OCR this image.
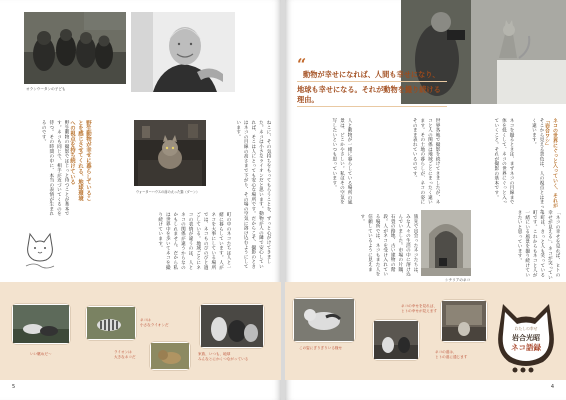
オランウータンの子ども
ねこに、その気持ちをもってもらうことを、ずっと心がけてきました。ネコは小さなライオンだと思います。動物が人の隣で安心していれば、そこは人にとっても安心な場所です。だからこそ、撮影のときはネコの目線の高さまで下がり、その場の空気に溶け込むようにしています。
野生動物の撮影ではじっと待つことが基本です。ネコも同じで、相手が近づいてくるのを待つ。その時間の中に、本当の表情が生まれるのです。
町の中のネコたちは人と一緒に暮らしています。人がネコを大事にしている場所では、ネコものびのびと過ごしている。地域ごとにネコの表情が違うのは、人とネコの関係が違うからなのかもしれません。だから私は世界中を歩いてネコを撮り続けています。
野生動物が幸せに暮らしていることを感じさせてくれる、地球環境への視点を持ち続けている
ウォーターハウスの前の太った猫（ダーン）
いい眺めだ〜
ネコは
小さなライオンだ
ライオンは
大きなネコだ
家族、いつも、地球
みんなとにかくつながっている
5
“
動物が幸せになれば、人間も幸せになり、
地球も幸せになる。それが動物を撮り続ける理由。
人と動物が一緒に暮らしている場所の風景は、どこかやさしい。私はその空気を写したいといつも思っています。	世界各地で撮影を続けてきましたが、ネコと人の関係は地域ごとにまったく違います。その土地の暮らしが、ネコの姿にそのまま表れているのです。	ネコを撮るときは、まずネコの目線まで体を低くして、ネコの世界にぐっと入っていくこと。それが撮影の基本です。	ネコの世界にぐっと入っていく、それが「岩合ワシ」
そこから見える景色は、人の視点とはまったく違います。
旅先で出会ったネコたちは、みな人々の生活の中に溶け込んでいました。市場の片隅、石畳の路地、古い建物の階段。人がネコを受け入れている場所では、ネコもまた人を信頼しているように見えます。
シチリアのネコ
「ネコの幸せを見れば、ヒトの幸せが見える」。ネコが笑っている町は、きっと人も笑っている町です。これからもネコと人が一緒にいる風景を撮り続けていきたいと思っています。
この姿にぎりぎりいる様せ
ネコの幸せを見れば、
ヒトの幸せが見えます
ネコの道は、
ヒトの道に通じます
わたしの幸せ
岩合光昭
ネコ語録
4
